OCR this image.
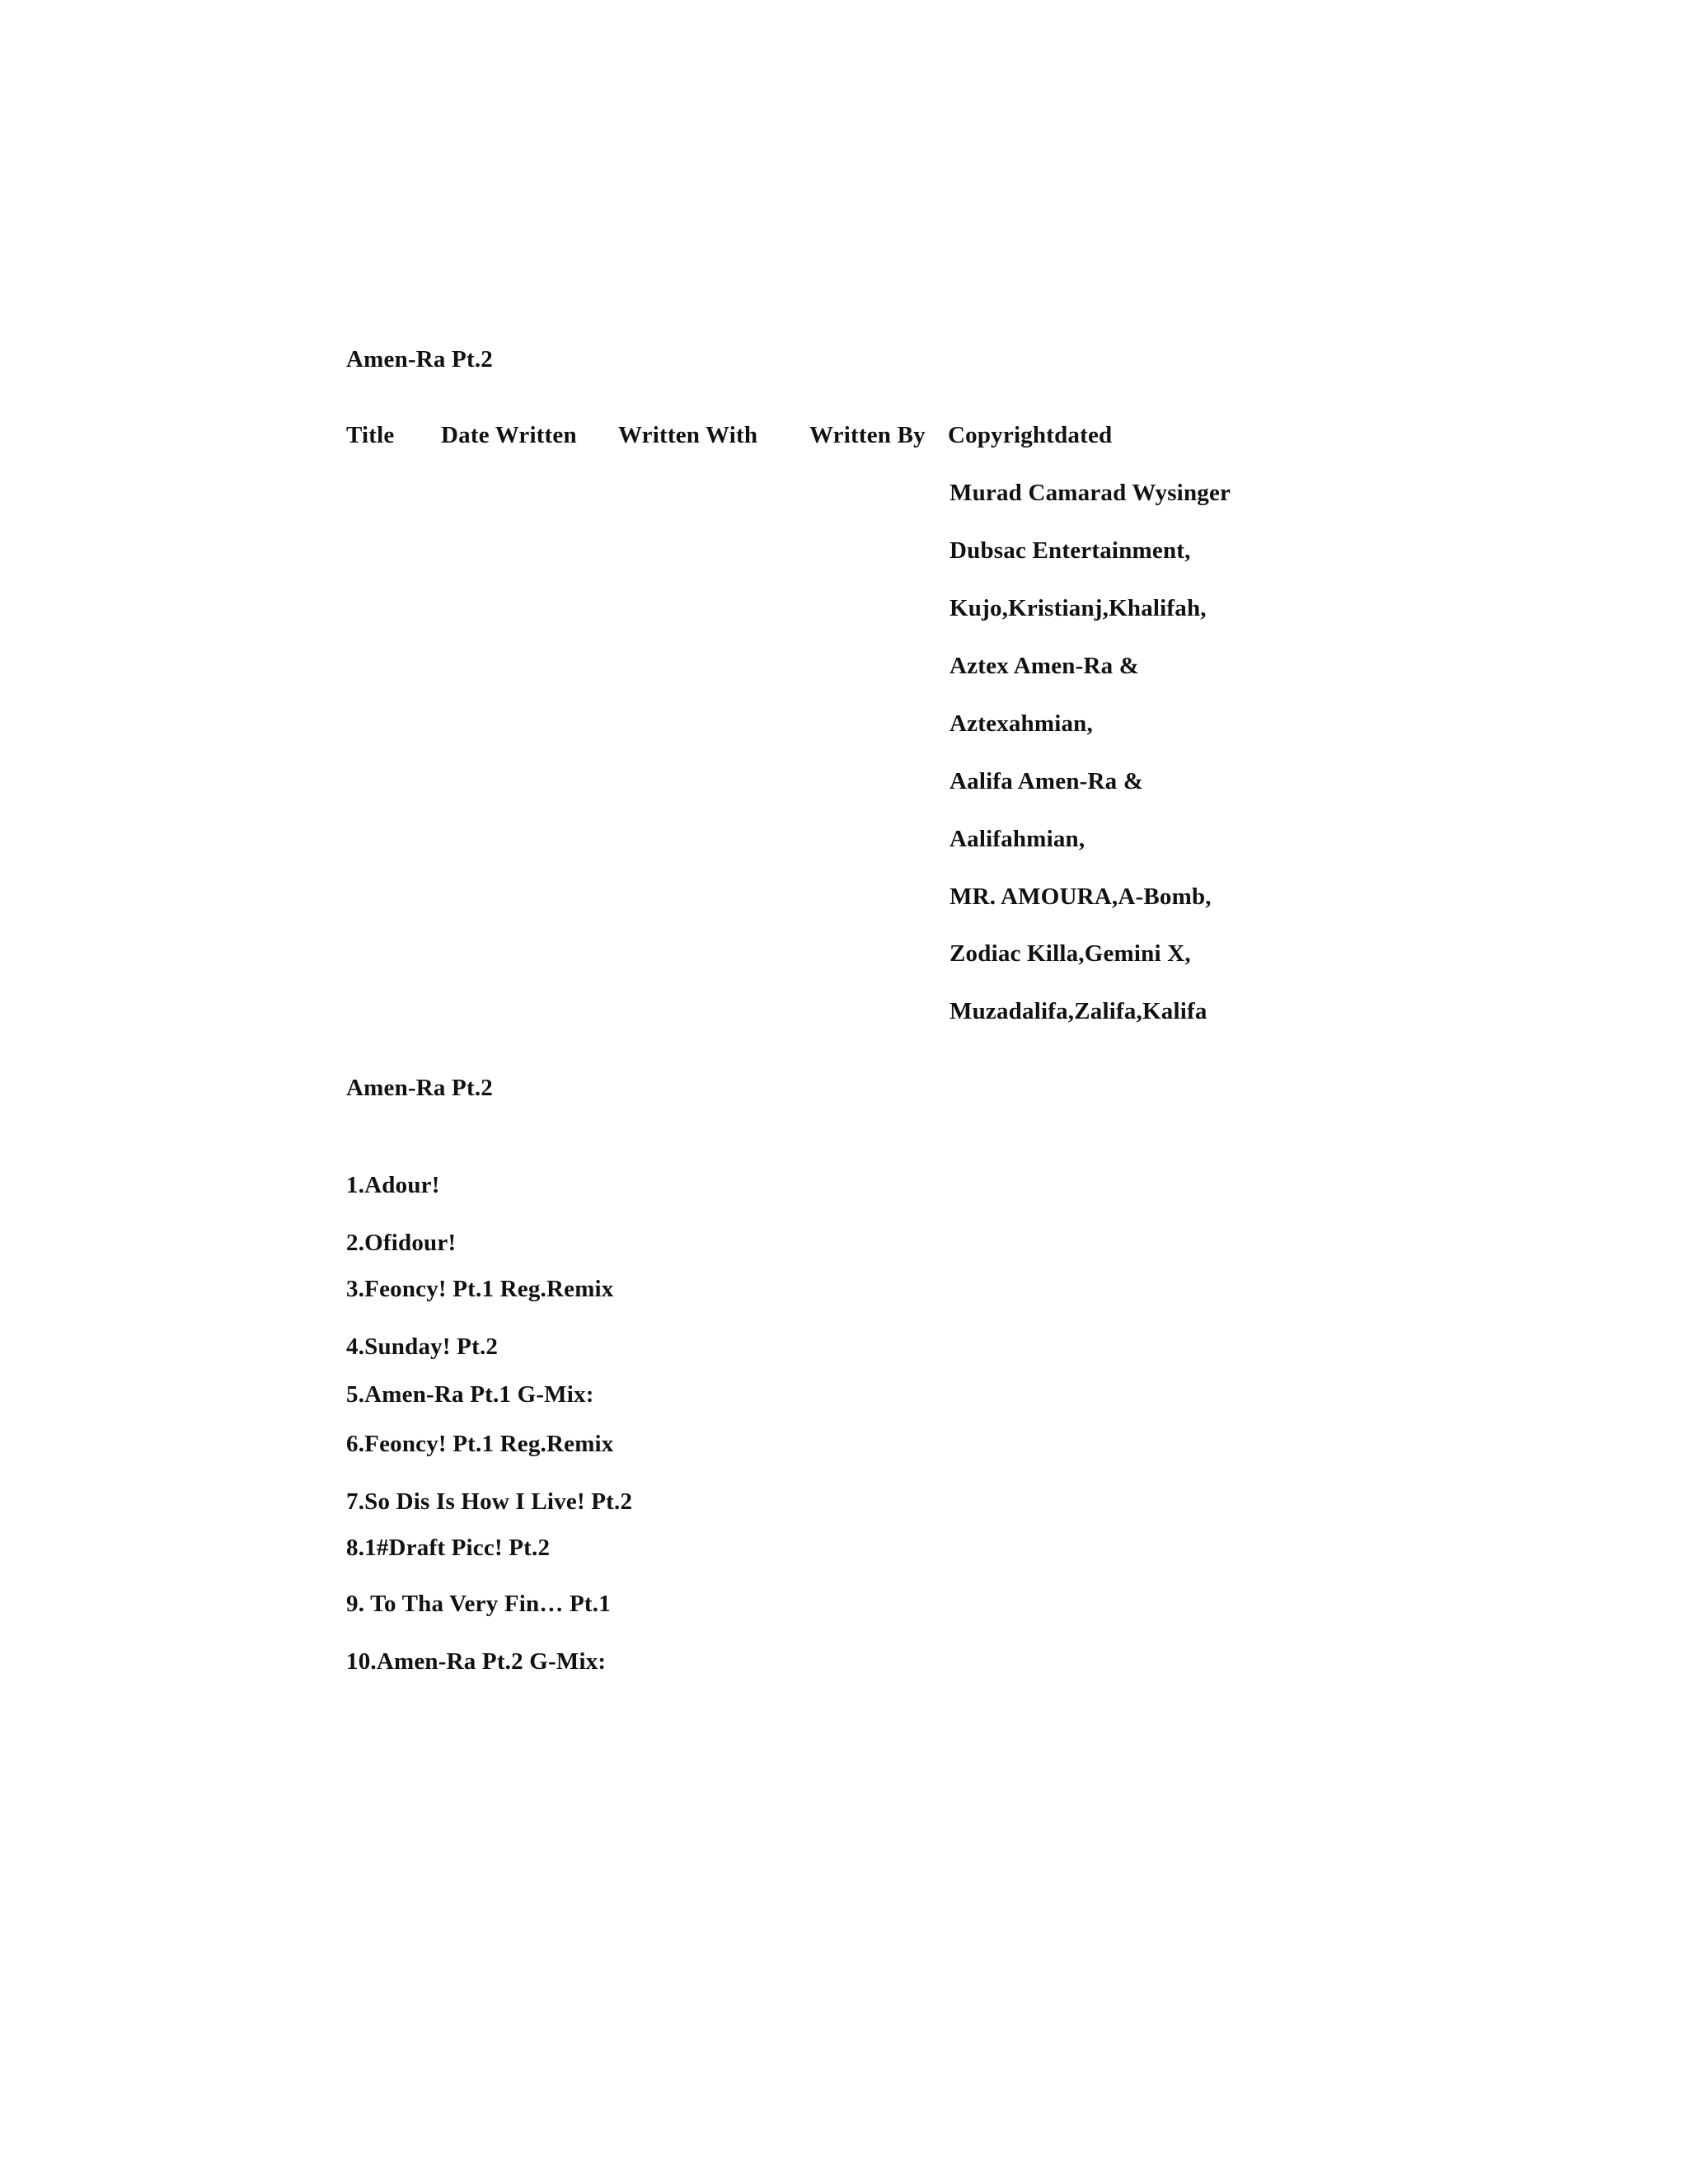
Amen-Ra Pt.2
Title Date Written Written With Written By Copyrightdated
Murad Camarad Wysinger
Dubsac Entertainment,
Kujo,Kristianj,Khalifah,
Aztex Amen-Ra &
Aztexahmian,
Aalifa Amen-Ra &
Aalifahmian,
MR. AMOURA,A-Bomb,
Zodiac Killa,Gemini X,
Muzadalifa,Zalifa,Kalifa
Amen-Ra Pt.2
1.Adour!
2.Ofidour!
3.Feoncy! Pt.1 Reg.Remix
4.Sunday! Pt.2
5.Amen-Ra Pt.1 G-Mix:
6.Feoncy! Pt.1 Reg.Remix
7.So Dis Is How I Live! Pt.2
8.1#Draft Picc! Pt.2
9. To Tha Very Fin… Pt.1
10.Amen-Ra Pt.2 G-Mix:
